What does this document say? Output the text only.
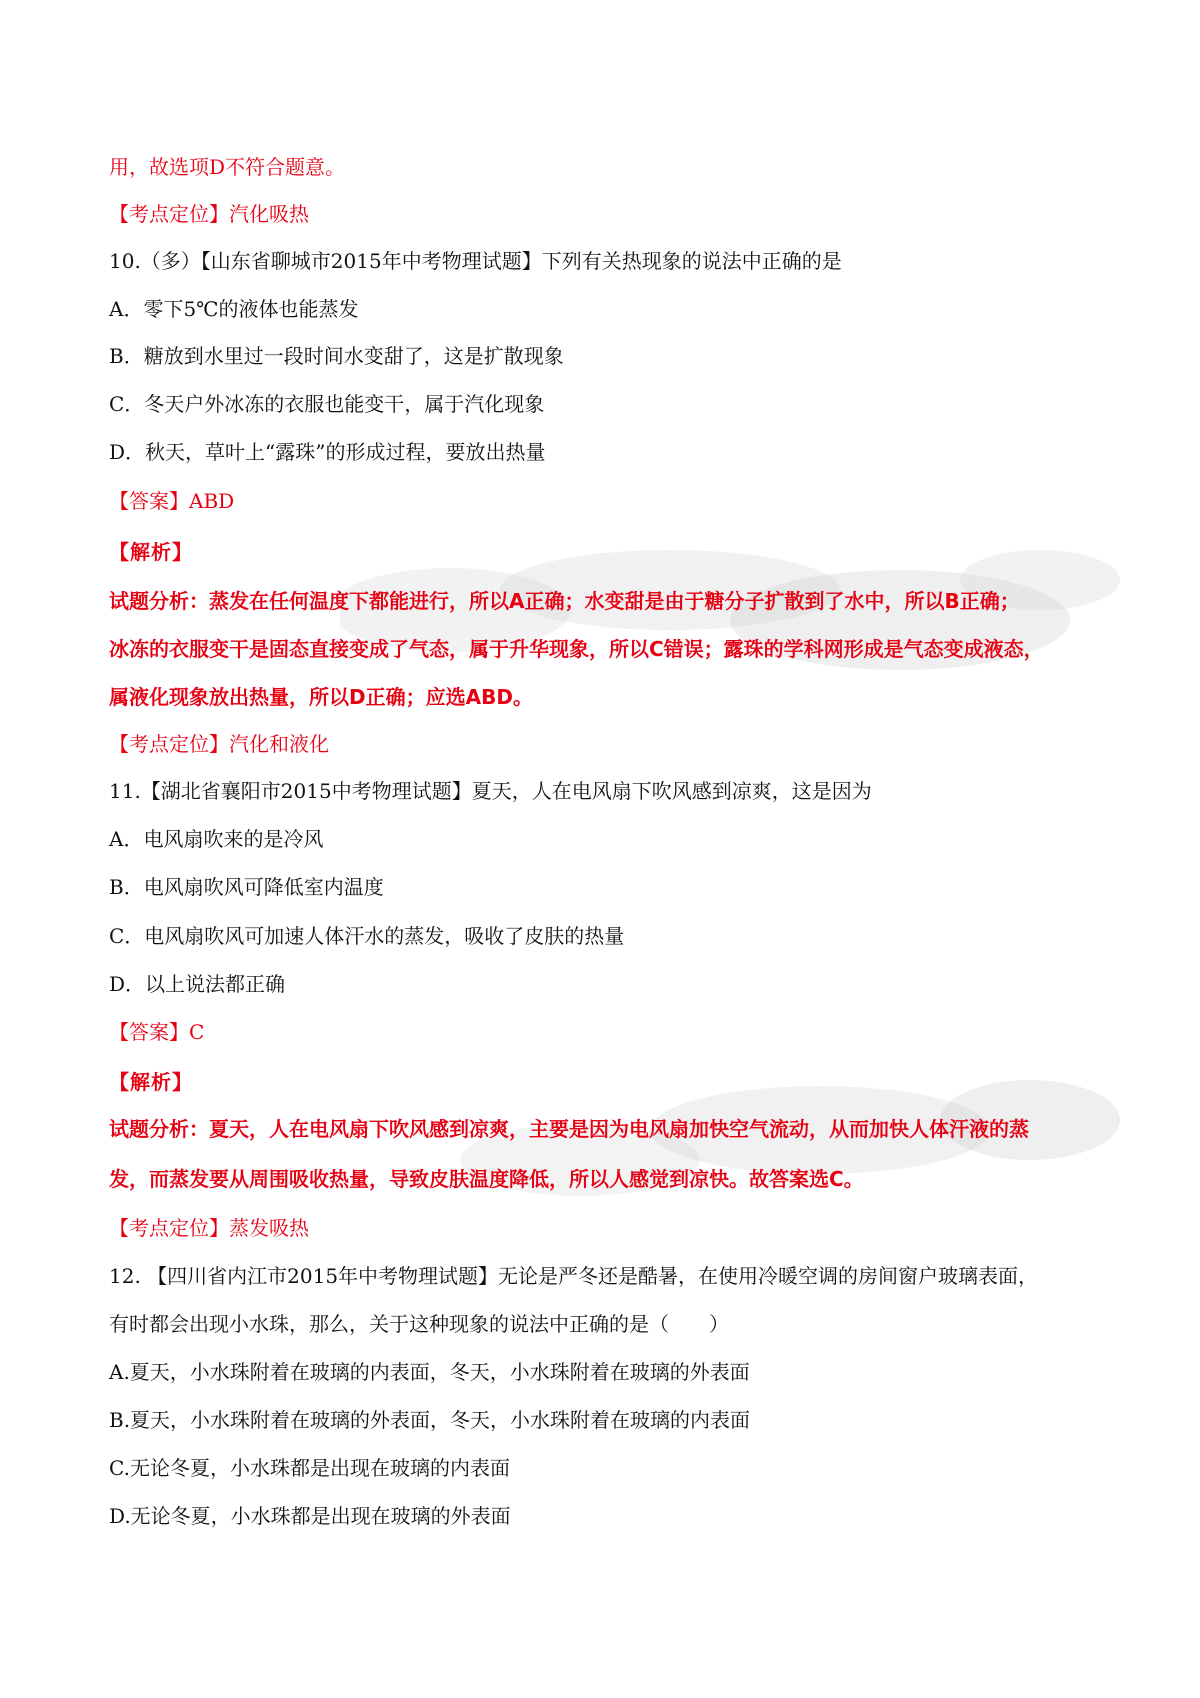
用，故选项D不符合题意。
【考点定位】汽化吸热
10.（多）【山东省聊城市2015年中考物理试题】下列有关热现象的说法中正确的是
A．零下5℃的液体也能蒸发
B．糖放到水里过一段时间水变甜了，这是扩散现象
C．冬天户外冰冻的衣服也能变干，属于汽化现象
D．秋天，草叶上“露珠”的形成过程，要放出热量
【答案】ABD
【解析】
试题分析：蒸发在任何温度下都能进行，所以A正确；水变甜是由于糖分子扩散到了水中，所以B正确；
冰冻的衣服变干是固态直接变成了气态，属于升华现象，所以C错误；露珠的学科网形成是气态变成液态，
属液化现象放出热量，所以D正确；应选ABD。
【考点定位】汽化和液化
11.【湖北省襄阳市2015中考物理试题】夏天，人在电风扇下吹风感到凉爽，这是因为
A．电风扇吹来的是冷风
B．电风扇吹风可降低室内温度
C．电风扇吹风可加速人体汗水的蒸发，吸收了皮肤的热量
D．以上说法都正确
【答案】C
【解析】
试题分析：夏天，人在电风扇下吹风感到凉爽，主要是因为电风扇加快空气流动，从而加快人体汗液的蒸
发，而蒸发要从周围吸收热量，导致皮肤温度降低，所以人感觉到凉快。故答案选C。
【考点定位】蒸发吸热
12. 【四川省内江市2015年中考物理试题】无论是严冬还是酷暑，在使用冷暖空调的房间窗户玻璃表面，
有时都会出现小水珠，那么，关于这种现象的说法中正确的是（　　）
A.夏天，小水珠附着在玻璃的内表面，冬天，小水珠附着在玻璃的外表面
B.夏天，小水珠附着在玻璃的外表面，冬天，小水珠附着在玻璃的内表面
C.无论冬夏，小水珠都是出现在玻璃的内表面
D.无论冬夏，小水珠都是出现在玻璃的外表面
